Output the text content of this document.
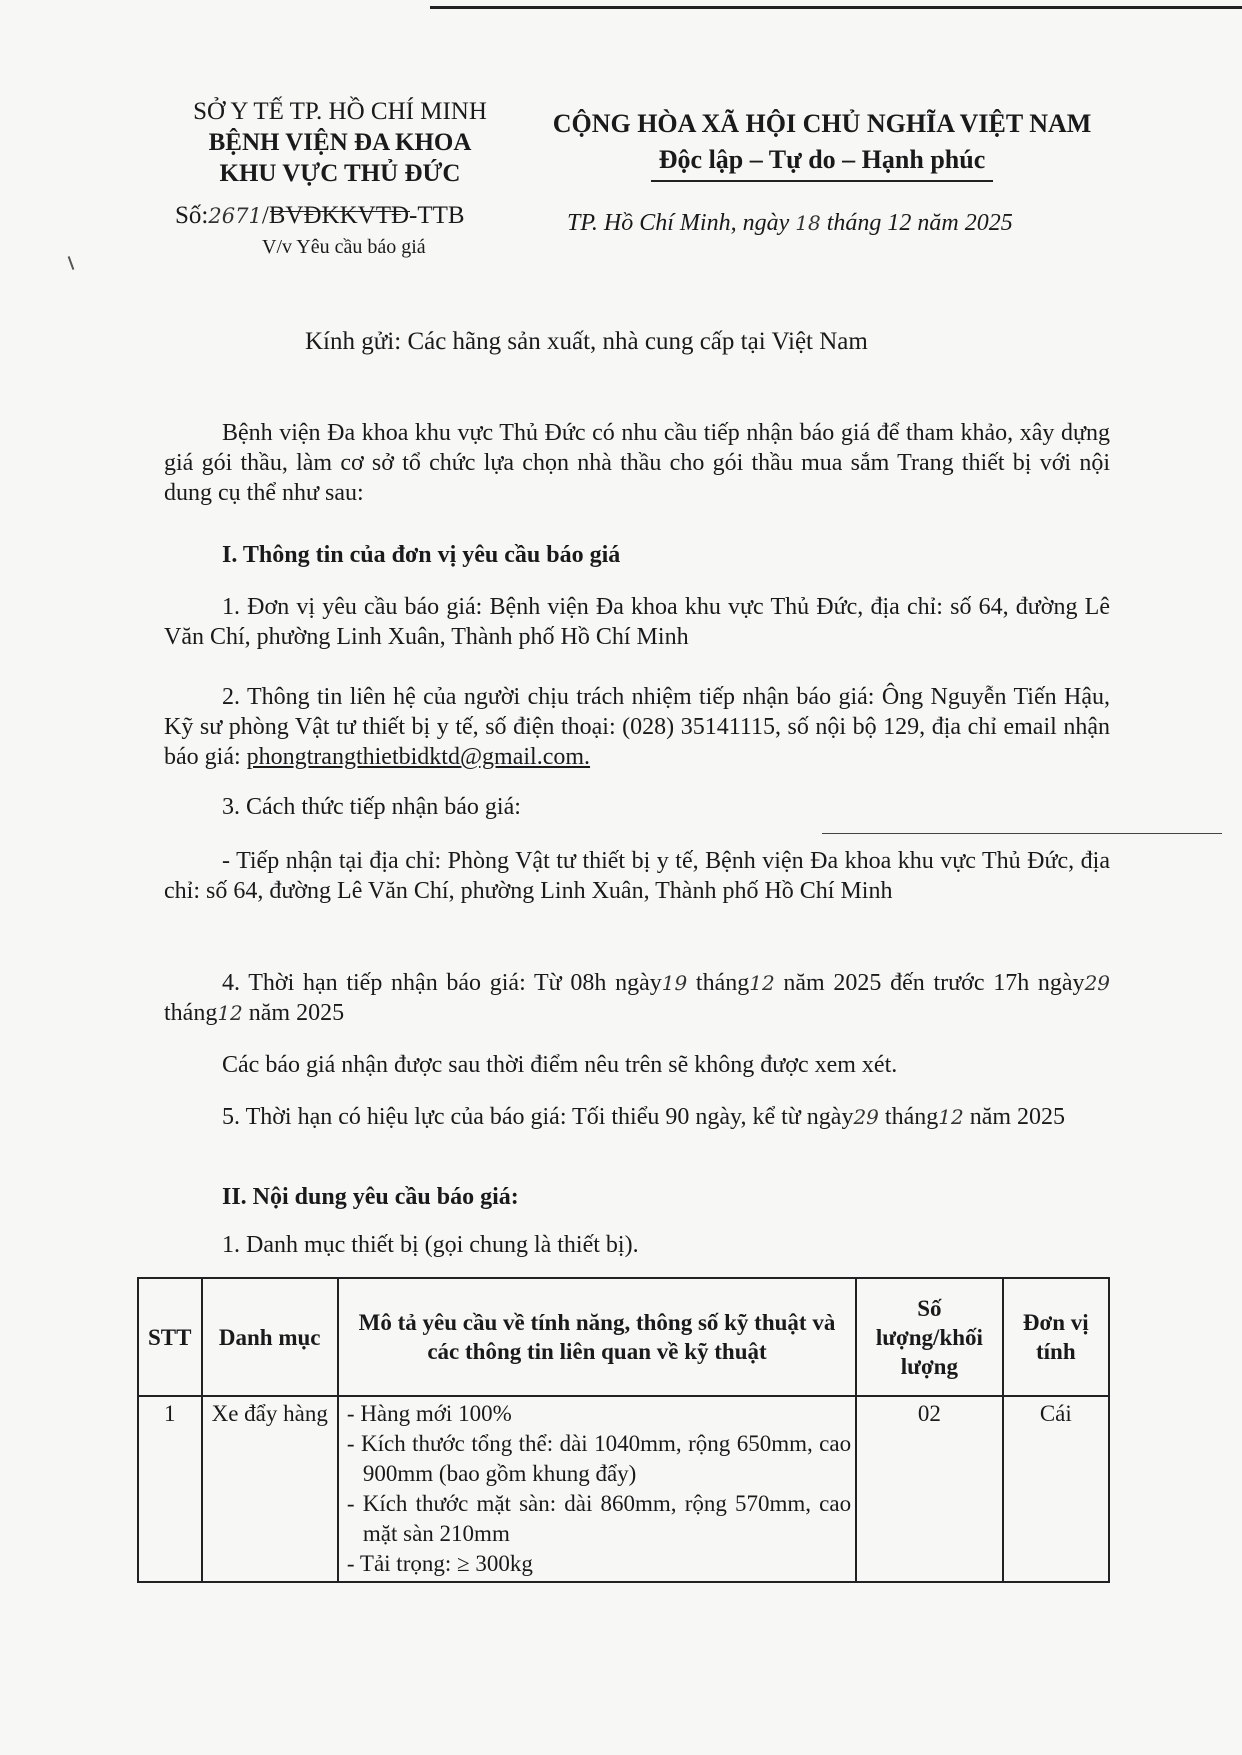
SỞ Y TẾ TP. HỒ CHÍ MINH
BỆNH VIỆN ĐA KHOA
KHU VỰC THỦ ĐỨC
Số:2671/BVĐKKVTĐ-TTB
V/v Yêu cầu báo giá
CỘNG HÒA XÃ HỘI CHỦ NGHĨA VIỆT NAM
Độc lập – Tự do – Hạnh phúc
TP. Hồ Chí Minh, ngày 18 tháng 12 năm 2025
Kính gửi: Các hãng sản xuất, nhà cung cấp tại Việt Nam
Bệnh viện Đa khoa khu vực Thủ Đức có nhu cầu tiếp nhận báo giá để tham khảo, xây dựng giá gói thầu, làm cơ sở tổ chức lựa chọn nhà thầu cho gói thầu mua sắm Trang thiết bị với nội dung cụ thể như sau:
I. Thông tin của đơn vị yêu cầu báo giá
1. Đơn vị yêu cầu báo giá: Bệnh viện Đa khoa khu vực Thủ Đức, địa chỉ: số 64, đường Lê Văn Chí, phường Linh Xuân, Thành phố Hồ Chí Minh
2. Thông tin liên hệ của người chịu trách nhiệm tiếp nhận báo giá: Ông Nguyễn Tiến Hậu, Kỹ sư phòng Vật tư thiết bị y tế, số điện thoại: (028) 35141115, số nội bộ 129, địa chỉ email nhận báo giá: phongtrangthietbidktd@gmail.com.
3. Cách thức tiếp nhận báo giá:
- Tiếp nhận tại địa chỉ: Phòng Vật tư thiết bị y tế, Bệnh viện Đa khoa khu vực Thủ Đức, địa chỉ: số 64, đường Lê Văn Chí, phường Linh Xuân, Thành phố Hồ Chí Minh
4. Thời hạn tiếp nhận báo giá: Từ 08h ngày19 tháng12 năm 2025 đến trước 17h ngày29 tháng12 năm 2025
Các báo giá nhận được sau thời điểm nêu trên sẽ không được xem xét.
5. Thời hạn có hiệu lực của báo giá: Tối thiểu 90 ngày, kể từ ngày29 tháng12 năm 2025
II. Nội dung yêu cầu báo giá:
1. Danh mục thiết bị (gọi chung là thiết bị).
STT	Danh mục	Mô tả yêu cầu về tính năng, thông số kỹ thuật và các thông tin liên quan về kỹ thuật	Số lượng/khối lượng	Đơn vị tính
1	Xe đẩy hàng	- Hàng mới 100%
- Kích thước tổng thể: dài 1040mm, rộng 650mm, cao 900mm (bao gồm khung đẩy)
- Kích thước mặt sàn: dài 860mm, rộng 570mm, cao mặt sàn 210mm
- Tải trọng: ≥ 300kg	02	Cái
